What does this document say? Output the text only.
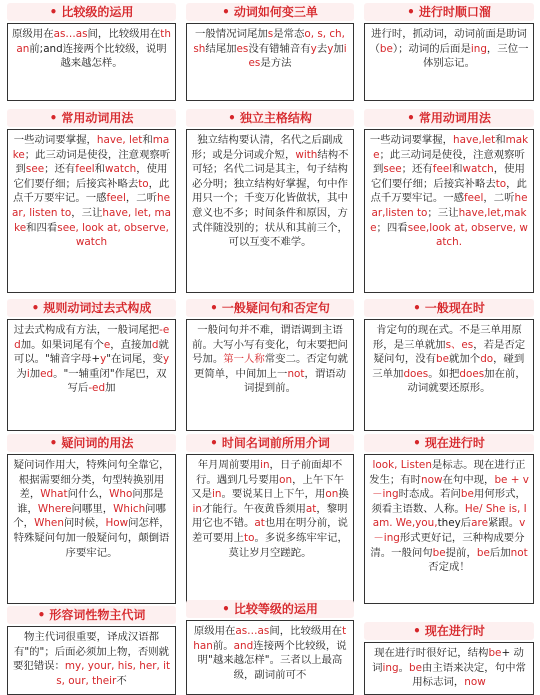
• 比较级的运用
原级用在as…as间，比较级用在than前;and连接两个比较级，说明越来越怎样。
• 动词如何变三单
一般情况词尾加s是常态o, s, ch, sh结尾加es没有错辅音有y去y加ies是方法
• 进行时顺口溜
进行时，抓动词，动词前面是助词（be）；动词的后面是ing，三位一体别忘记。
• 常用动词用法
一些动词要掌握，have, let和make；此三动词是使役，注意观察听到see；还有feel和watch，使用它们要仔细；后接宾补略去to，此点千万要牢记。一感feel，二听hear, listen to，三让have, let, make和四看see, look at, observe, watch
• 独立主格结构
独立结构要认清，名代之后副成形；或是分词或介短，with结构不可轻；名代二词是其主，句子结构必分明；独立结构好掌握，句中作用只一个；千变万化皆做状，其中意义也不多；时间条件和原因，方式伴随没别的；状从和其前三个，可以互变不难学。
• 常用动词用法
一些动词要掌握，have,let和make；此三动词是使役，注意观察听到see；还有feel和watch，使用它们要仔细；后接宾补略去to，此点千万要牢记。一感feel，二听hear,listen to；三让have,let,make；四看see,look at, observe, watch.
• 规则动词过去式构成
过去式构成有方法，一般词尾把-ed加。如果词尾有个e，直接加d就可以。"辅音字母+y"在词尾，变y为i加ed。"一辅重闭"作尾巴，双写后-ed加
• 一般疑问句和否定句
一般问句并不难，谓语调到主语前。大写小写有变化，句末要把问号加。第一人称常变二。否定句就更简单，中间加上一not，谓语动词提到前。
• 一般现在时
肯定句的现在式。不是三单用原形，是三单就加s、es，若是否定疑问句，没有be就加个do，碰到三单加does。如把does加在前，动词就要还原形。
• 疑问词的用法
疑问词作用大，特殊问句全靠它，根据需要细分类，句型转换别用差，What问什么，Who问那是谁，Where问哪里，Which问哪个，When问时候，How问怎样，特殊疑问句加一般疑问句，颠倒语序要牢记。
• 时间名词前所用介词
年月周前要用in，日子前面却不行。遇到几号要用on，上午下午又是in。要说某日上下午，用on换in才能行。午夜黄昏须用at，黎明用它也不错。at也用在明分前，说差可要用上to。多说多练牢牢记，莫让岁月空蹉跎。
• 现在进行时
look, Listen是标志。现在进行正发生；有时now在句中现，be + v－ing时态成。若问be用何形式，须看主语数、人称。He/ She is, I am. We,you,they后are紧跟。v－ing形式更好记，三种构成要分清。一般问句be提前，be后加not否定成！
• 形容词性物主代词
物主代词很重要，译成汉语都有"的"；后面必须加上物，否则就要犯错误：my, your, his, her, its, our, their不
• 比较等级的运用
原级用在as…as间，比较级用在than前。and连接两个比较级，说明"越来越怎样"。三者以上最高级，副词前可不
• 现在进行时
现在进行时很好记，结构be+ 动词ing。be由主语来决定，句中常用标志词，now
